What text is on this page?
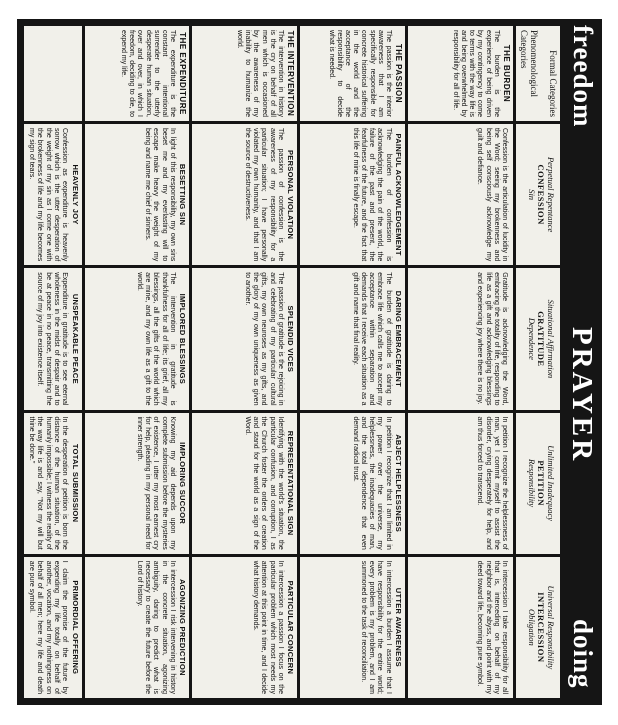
freedom
PRAYER
doing
Formal Categories
Phenomenological Categories
Perpetual Repentance
CONFESSION
Sin
Situational Affirmation
GRATITUDE
Dependence
Unlimited Inadequacy
PETITION
Responsibility
Universal Responsibility
INTERCESSION
Obligation
THE BURDEN
The burden is the experience of being driven by my contingency to come to terms with the way life is and being overwhelmed by responsibility for all of life.
Confession is the articulation of lucidity in the Word; seeing my brokenness and being self consciously acknowledge my guilt and defiance.
Gratitude is acknowledging the Word, embracing the totality of life, responding to life as a gift and acknowledging blessings and experiencing joy where there is no joy.
In petition I recognize the helplessness of man, yet I commit myself to assist the disorder, crying desperately for help, and am thus forced to transcend.
In intercession I take responsibility for all that is, interceding on behalf of my neighbor and the abyss, and point with my deed toward life, becoming pure symbol.
THE PASSION
The passion is the interior awareness that I am specifically responsible for concrete historical suffering in the world and the acceptance of the responsibility to decide what is needed.
PAINFUL ACKNOWLEDGEMENT
The burden of confession is acknowledging the pain of the world, the failure of the past and present, the fearfulness of the future, and the fact that this life of mine is finally escape.
DARING EMBRACEMENT
The burden of gratitude is daring to embrace life which calls me to accept my acceptance within separation and demands that I receive each situation as a gift and name that final reality.
ABJECT HELPLESSNESS
In petition I recognize that I am limited in my power over the universe, my helplessness, the inadequacies of man, and the total dependence that even demand radical trust.
UTTER AWARENESS
In intercession a burden I assume that I have responsibility for the entire world; every problem is my problem, and I am summoned to the task of reconciliation.
THE INTERVENTION
The intervention in history is the cry on behalf of all men which is occasioned by the awareness of my inability to humanize the world.
PERSONAL VIOLATION
The passion of confession is the awareness of my responsibility for a particular situation; I have personally violated my own humanity, and that I am the source of destructiveness.
SPLENDID VICES
The passion of gratitude is the rejoicing in and celebrating of my particular cultural gifts, my own neuroses as my gifts, and the glory of my own uniqueness as given to another.
REPRESENTATIONAL SIGN
Identifying with the world's situation, the particular confusion, and corruption, I as the Church foster the orders of creation and stand for the world as a sign of the Word.
PARTICULAR CONCERN
In intercession a passion I focus on the particular problem which most needs my attention at this point in time, and I decide what history demands.
THE EXPENDITURE
The expenditure is the constant intentional surrender to the utterly desperate human situation, over and over, in which I freedom, deciding to die, to expend my life.
BESETTING SIN
In light of this responsibility, my own sins beset me and my everlasting will to escape make heavy the weight of my being and name me chief of sinners.
IMPLORED BLESSINGS
The intervention in gratitude is thankfulness for all of life; its grief, all my blessings, all the gifts of the world which are mine, and my own life as a gift to the world.
IMPLORING SUCCOR
Knowing my aid depends upon my complete submission before the mysteries of existence, I utter my most earnest cry for help, pleading in my personal need for inner strength.
AGONIZING PREDICTION
In intercession I risk intervening in history in the concrete situation, agonizing ambiguity, daring to predict what is necessary to create the future before the Lord of history.
HEAVENLY JOY
Confession as expenditure is heavenly sorrow which is the utter desperation of the weight of my sin as I come one with the brokenness of life and my life becomes my sign of tears.
UNSPEAKABLE PEACE
Expenditure in gratitude is to see eternal wholeness in the midst of despair and to be at peace in no peace, transmitting the source of my joy into existence itself.
TOTAL SUBMISSION
In the desperation of petition is born the distance of the human situation, of the humanly impossible; I witness the reality of the way life is and say, "Not my will but thine be done."
PRIMORDIAL OFFERING
I claim the promise of the future by expending my life totally on behalf of another, vocation, and my nothingness on behalf of all men; here my life and death are pure symbol.
